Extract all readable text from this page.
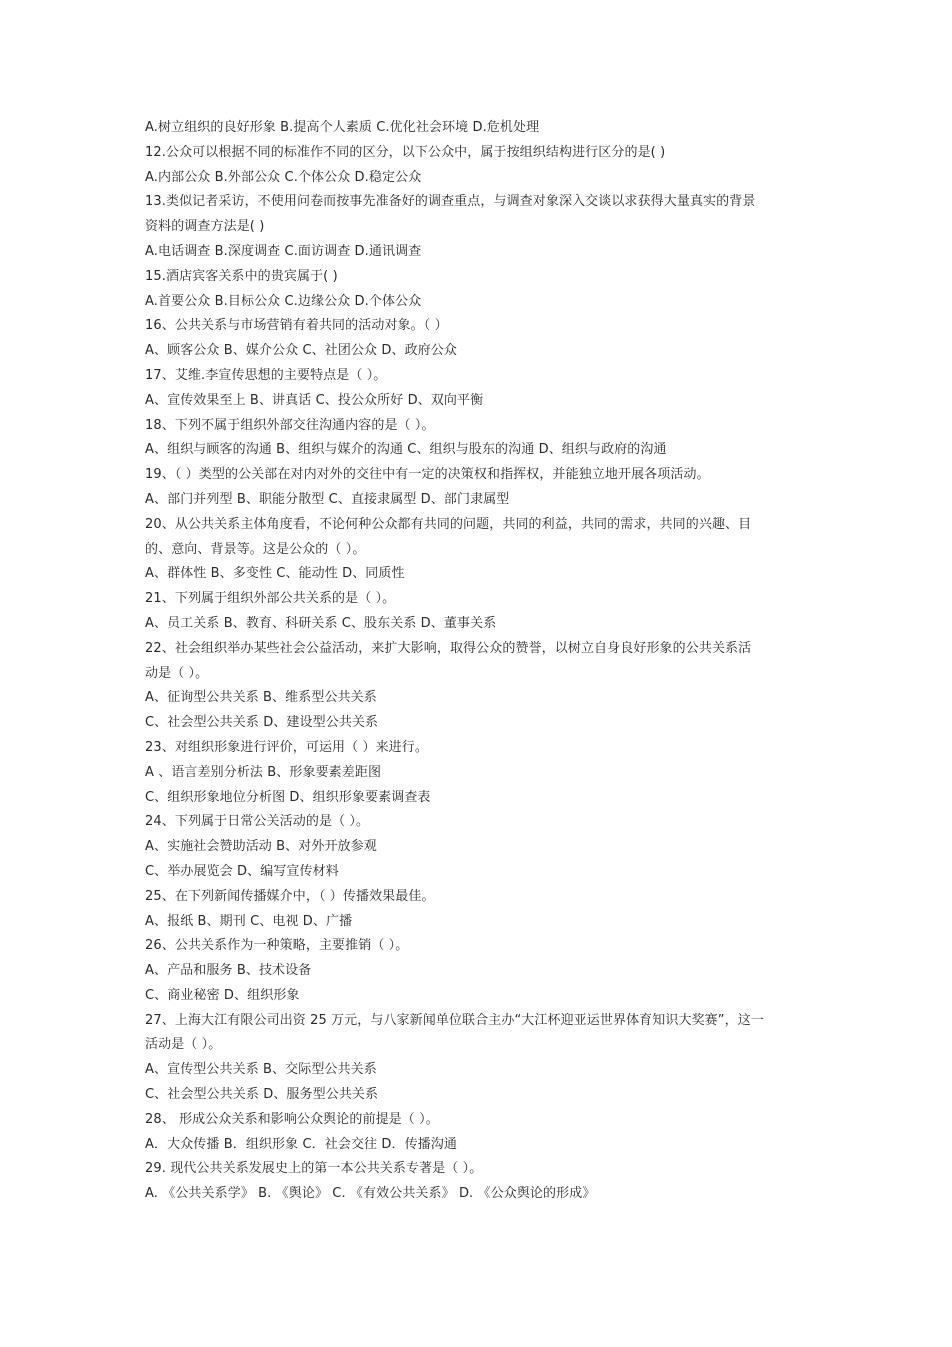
A.树立组织的良好形象 B.提高个人素质 C.优化社会环境 D.危机处理
12.公众可以根据不同的标准作不同的区分，以下公众中，属于按组织结构进行区分的是( )
A.内部公众 B.外部公众 C.个体公众 D.稳定公众
13.类似记者采访，不使用问卷而按事先准备好的调查重点，与调查对象深入交谈以求获得大量真实的背景
资料的调查方法是( )
A.电话调查 B.深度调查 C.面访调查 D.通讯调查
15.酒店宾客关系中的贵宾属于( )
A.首要公众 B.目标公众 C.边缘公众 D.个体公众
16、公共关系与市场营销有着共同的活动对象。（ ）
A、顾客公众 B、媒介公众 C、社团公众 D、政府公众
17、艾维.李宣传思想的主要特点是（ ）。
A、宣传效果至上 B、讲真话 C、投公众所好 D、双向平衡
18、下列不属于组织外部交往沟通内容的是（ ）。
A、组织与顾客的沟通 B、组织与媒介的沟通 C、组织与股东的沟通 D、组织与政府的沟通
19、（ ）类型的公关部在对内对外的交往中有一定的决策权和指挥权，并能独立地开展各项活动。
A、部门并列型 B、职能分散型 C、直接隶属型 D、部门隶属型
20、从公共关系主体角度看，不论何种公众都有共同的问题，共同的利益，共同的需求，共同的兴趣、目
的、意向、背景等。这是公众的（ ）。
A、群体性 B、多变性 C、能动性 D、同质性
21、下列属于组织外部公共关系的是（ ）。
A、员工关系 B、教育、科研关系 C、股东关系 D、董事关系
22、社会组织举办某些社会公益活动，来扩大影响，取得公众的赞誉，以树立自身良好形象的公共关系活
动是（ ）。
A、征询型公共关系 B、维系型公共关系
C、社会型公共关系 D、建设型公共关系
23、对组织形象进行评价，可运用（ ）来进行。
A 、语言差别分析法 B、形象要素差距图
C、组织形象地位分析图 D、组织形象要素调查表
24、下列属于日常公关活动的是（ ）。
A、实施社会赞助活动 B、对外开放参观
C、举办展览会 D、编写宣传材料
25、在下列新闻传播媒介中，（ ）传播效果最佳。
A、报纸 B、期刊 C、电视 D、广播
26、公共关系作为一种策略，主要推销（ ）。
A、产品和服务 B、技术设备
C、商业秘密 D、组织形象
27、上海大江有限公司出资 25 万元，与八家新闻单位联合主办“大江杯迎亚运世界体育知识大奖赛”，这一
活动是（ ）。
A、宣传型公共关系 B、交际型公共关系
C、社会型公共关系 D、服务型公共关系
28、 形成公众关系和影响公众舆论的前提是（ ）。
A．大众传播 B．组织形象 C．社会交往 D．传播沟通
29. 现代公共关系发展史上的第一本公共关系专著是（ ）。
A. 《公共关系学》 B. 《舆论》 C. 《有效公共关系》 D. 《公众舆论的形成》
